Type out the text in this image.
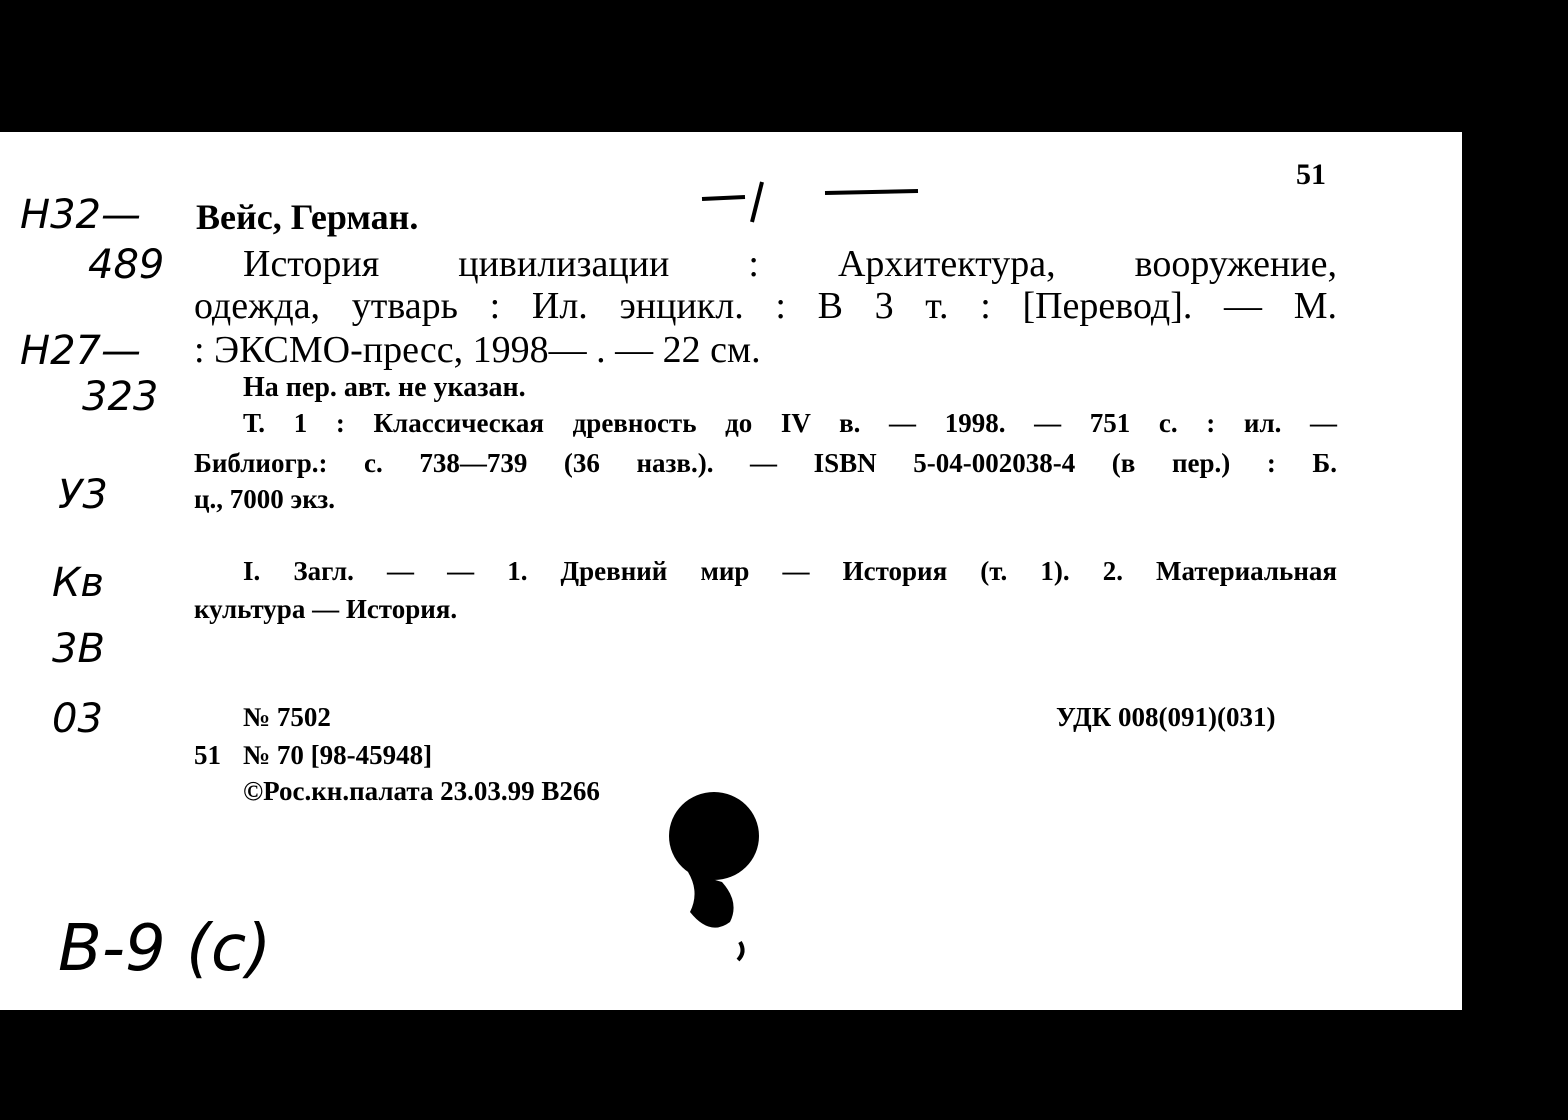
51
Н32—
489
Н27—
323
У3
Кв
3В
03
Вейс, Герман.
История цивилизации : Архитектура, вооружение,
одежда, утварь : Ил. энцикл. : В 3 т. : [Перевод]. — М.
: ЭКСМО-пресс, 1998— . — 22 см.
На пер. авт. не указан.
Т. 1 : Классическая древность до IV в. — 1998. — 751 с. : ил. —
Библиогр.: с. 738—739 (36 назв.). — ISBN 5-04-002038-4 (в пер.) : Б.
ц., 7000 экз.
I. Загл. — — 1. Древний мир — История (т. 1). 2. Материальная
культура — История.
№ 7502	УДК 008(091)(031)
51 № 70 [98-45948]
©Рос.кн.палата 23.03.99 В266
В-9 (с)
